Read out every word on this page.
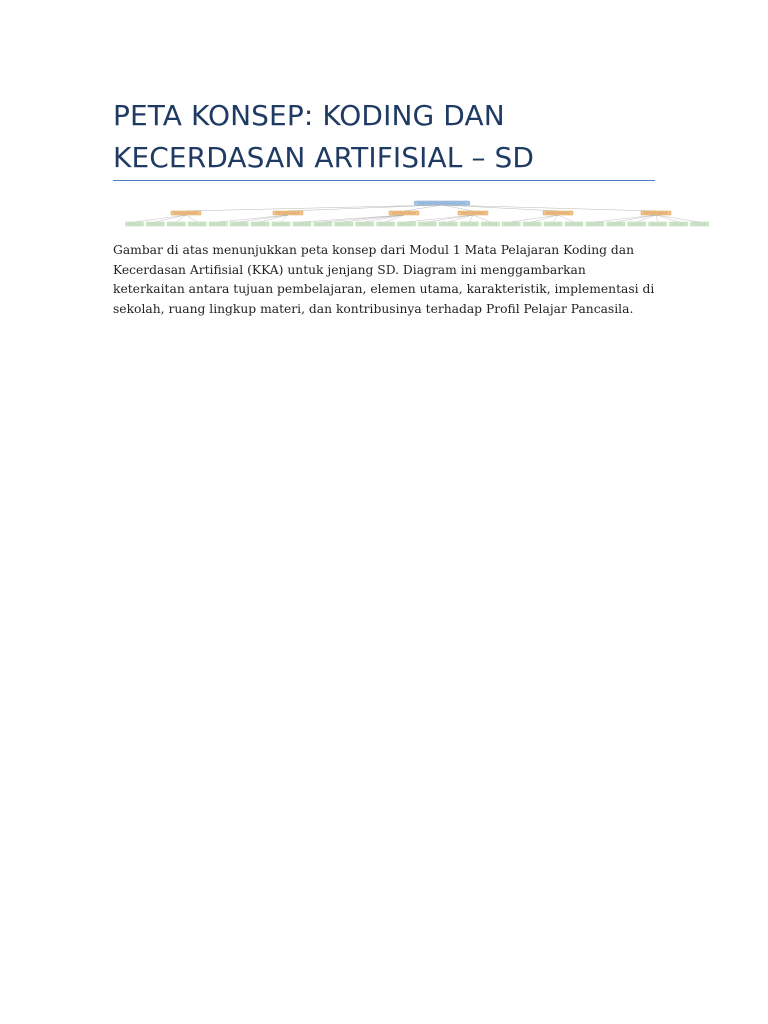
PETA KONSEP: KODING DAN
KECERDASAN ARTIFISIAL – SD

Gambar di atas menunjukkan peta konsep dari Modul 1 Mata Pelajaran Koding dan Kecerdasan Artifisial (KKA) untuk jenjang SD. Diagram ini menggambarkan keterkaitan antara tujuan pembelajaran, elemen utama, karakteristik, implementasi di sekolah, ruang lingkup materi, dan kontribusinya terhadap Profil Pelajar Pancasila.
